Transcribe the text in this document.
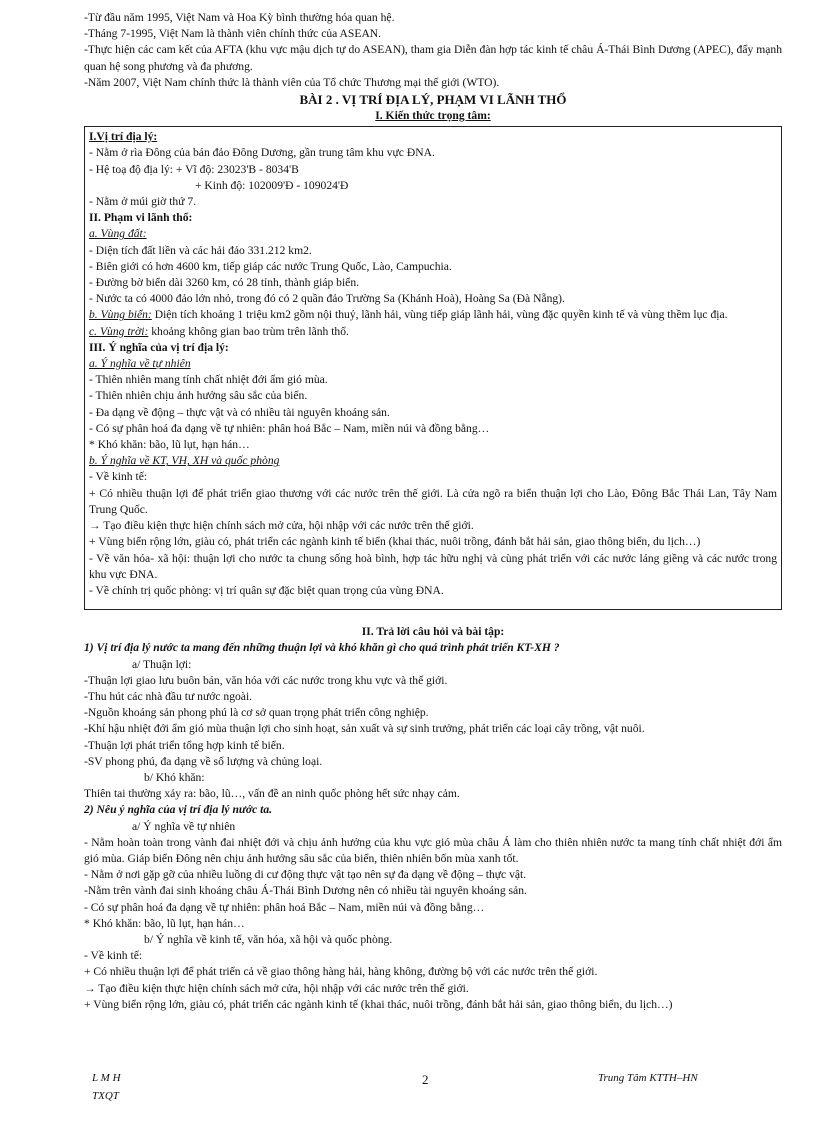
-Từ đầu năm 1995, Việt Nam và Hoa Kỳ bình thường hóa quan hệ.
-Tháng 7-1995, Việt Nam là thành viên chính thức của ASEAN.
-Thực hiện các cam kết của AFTA (khu vực mậu dịch tự do ASEAN), tham gia Diễn đàn hợp tác kinh tế châu Á-Thái Bình Dương (APEC), đẩy mạnh quan hệ song phương và đa phương.
-Năm 2007, Việt Nam chính thức là thành viên của Tổ chức Thương mại thế giới (WTO).
BÀI 2 . VỊ TRÍ ĐỊA LÝ, PHẠM VI LÃNH THỔ
I. Kiến thức trọng tâm:
I.Vị trí địa lý:
- Nằm ở rìa Đông của bán đảo Đông Dương, gần trung tâm khu vực ĐNA.
- Hệ toạ độ địa lý: + Vĩ độ: 23023'B - 8034'B
+ Kinh độ: 102009'Đ - 109024'Đ
- Nằm ở múi giờ thứ 7.
II. Phạm vi lãnh thổ:
a. Vùng đất:
- Diện tích đất liền và các hải đảo 331.212 km2.
- Biên giới có hơn 4600 km, tiếp giáp các nước Trung Quốc, Lào, Campuchia.
- Đường bờ biển dài 3260 km, có 28 tỉnh, thành giáp biển.
- Nước ta có 4000 đảo lớn nhỏ, trong đó có 2 quần đảo Trường Sa (Khánh Hoà), Hoàng Sa (Đà Nẵng).
b. Vùng biển: Diện tích khoảng 1 triệu km2 gồm nội thuỷ, lãnh hải, vùng tiếp giáp lãnh hải, vùng đặc quyền kinh tế và vùng thềm lục địa.
c. Vùng trời: khoảng không gian bao trùm trên lãnh thổ.
III. Ý nghĩa của vị trí địa lý:
a. Ý nghĩa về tự nhiên
- Thiên nhiên mang tính chất nhiệt đới ẩm gió mùa.
- Thiên nhiên chịu ảnh hưởng sâu sắc của biển.
- Đa dạng về động – thực vật và có nhiều tài nguyên khoáng sản.
- Có sự phân hoá đa dạng về tự nhiên: phân hoá Bắc – Nam, miền núi và đồng bằng…
* Khó khăn: bão, lũ lụt, hạn hán…
b. Ý nghĩa về KT, VH, XH và quốc phòng
- Về kinh tế:
+ Có nhiều thuận lợi để phát triển giao thương với các nước trên thế giới. Là cửa ngõ ra biển thuận lợi cho Lào, Đông Bắc Thái Lan, Tây Nam Trung Quốc.
→ Tạo điều kiện thực hiện chính sách mở cửa, hội nhập với các nước trên thế giới.
+ Vùng biển rộng lớn, giàu có, phát triển các ngành kinh tế biển (khai thác, nuôi trồng, đánh bắt hải sản, giao thông biển, du lịch…)
- Về văn hóa- xã hội: thuận lợi cho nước ta chung sống hoà bình, hợp tác hữu nghị và cùng phát triển với các nước láng giềng và các nước trong khu vực ĐNA.
- Về chính trị quốc phòng: vị trí quân sự đặc biệt quan trọng của vùng ĐNA.
II. Trả lời câu hỏi và bài tập:
1) Vị trí địa lý nước ta mang đến những thuận lợi và khó khăn gì cho quá trình phát triển KT-XH ?
a/ Thuận lợi:
-Thuận lợi giao lưu buôn bán, văn hóa với các nước trong khu vực và thế giới.
-Thu hút các nhà đầu tư nước ngoài.
-Nguồn khoáng sản phong phú là cơ sở quan trọng phát triển công nghiệp.
-Khí hậu nhiệt đới ẩm gió mùa thuận lợi cho sinh hoạt, sản xuất và sự sinh trưởng, phát triển các loại cây trồng, vật nuôi.
-Thuận lợi phát triển tổng hợp kinh tế biển.
-SV phong phú, đa dạng về số lượng và chủng loại.
b/ Khó khăn:
Thiên tai thường xảy ra: bão, lũ…, vấn đề an ninh quốc phòng hết sức nhạy cảm.
2) Nêu ý nghĩa của vị trí địa lý nước ta.
a/ Ý nghĩa về tự nhiên
- Nằm hoàn toàn trong vành đai nhiệt đới và chịu ảnh hưởng của khu vực gió mùa châu Á làm cho thiên nhiên nước ta mang tính chất nhiệt đới ẩm gió mùa. Giáp biển Đông nên chịu ảnh hưởng sâu sắc của biển, thiên nhiên bốn mùa xanh tốt.
- Nằm ở nơi gặp gỡ của nhiều luồng di cư động thực vật tạo nên sự đa dạng về động – thực vật.
-Nằm trên vành đai sinh khoáng châu Á-Thái Bình Dương nên có nhiều tài nguyên khoáng sản.
- Có sự phân hoá đa dạng về tự nhiên: phân hoá Bắc – Nam, miền núi và đồng bằng…
* Khó khăn: bão, lũ lụt, hạn hán…
b/ Ý nghĩa về kinh tế, văn hóa, xã hội và quốc phòng.
- Về kinh tế:
+ Có nhiều thuận lợi để phát triển cả về giao thông hàng hải, hàng không, đường bộ với các nước trên thế giới.
→ Tạo điều kiện thực hiện chính sách mở cửa, hội nhập với các nước trên thế giới.
+ Vùng biển rộng lớn, giàu có, phát triển các ngành kinh tế (khai thác, nuôi trồng, đánh bắt hải sản, giao thông biển, du lịch…)
L M H
TXQT
2	Trung Tâm KTTH–HN
